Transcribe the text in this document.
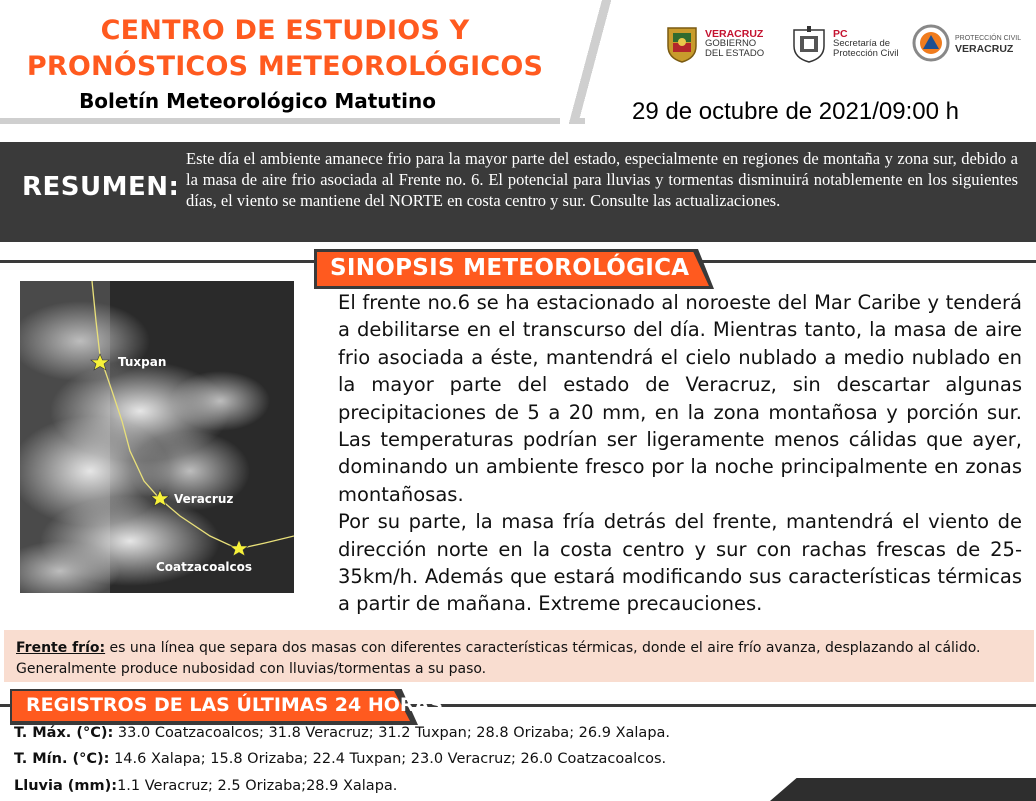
CENTRO DE ESTUDIOS Y
PRONÓSTICOS METEOROLÓGICOS
Boletín Meteorológico Matutino	29 de octubre de 2021/09:00 h
VERACRUZ
GOBIERNO
DEL ESTADO
PC
Secretaría de
Protección Civil
PROTECCIÓN CIVIL
VERACRUZ
RESUMEN:
Este día el ambiente amanece frio para la mayor parte del estado, especialmente en regiones de montaña y zona sur, debido a la masa de aire frio asociada al Frente no. 6. El potencial para lluvias y tormentas disminuirá notablemente en los siguientes días, el viento se mantiene del NORTE en costa centro y sur. Consulte las actualizaciones.
SINOPSIS METEOROLÓGICA
Tuxpan
Veracruz
Coatzacoalcos

El frente no.6 se ha estacionado al noroeste del Mar Caribe y tenderá a debilitarse en el transcurso del día. Mientras tanto, la masa de aire frio asociada a éste, mantendrá el cielo nublado a medio nublado en la mayor parte del estado de Veracruz, sin descartar algunas precipitaciones de 5 a 20 mm, en la zona montañosa y porción sur. Las temperaturas podrían ser ligeramente menos cálidas que ayer, dominando un ambiente fresco por la noche principalmente en zonas montañosas.

Por su parte, la masa fría detrás del frente, mantendrá el viento de dirección norte en la costa centro y sur con rachas frescas de 25-35km/h. Además que estará modificando sus características térmicas a partir de mañana. Extreme precauciones.

Frente frío: es una línea que separa dos masas con diferentes características térmicas, donde el aire frío avanza, desplazando al cálido. Generalmente produce nubosidad con lluvias/tormentas a su paso.
REGISTROS DE LAS ÚLTIMAS 24 HORAS
T. Máx. (°C): 33.0 Coatzacoalcos; 31.8 Veracruz; 31.2 Tuxpan; 28.8 Orizaba; 26.9 Xalapa.
T. Mín. (°C): 14.6 Xalapa; 15.8 Orizaba; 22.4 Tuxpan; 23.0 Veracruz; 26.0 Coatzacoalcos.
Lluvia (mm):1.1 Veracruz; 2.5 Orizaba;28.9 Xalapa.
